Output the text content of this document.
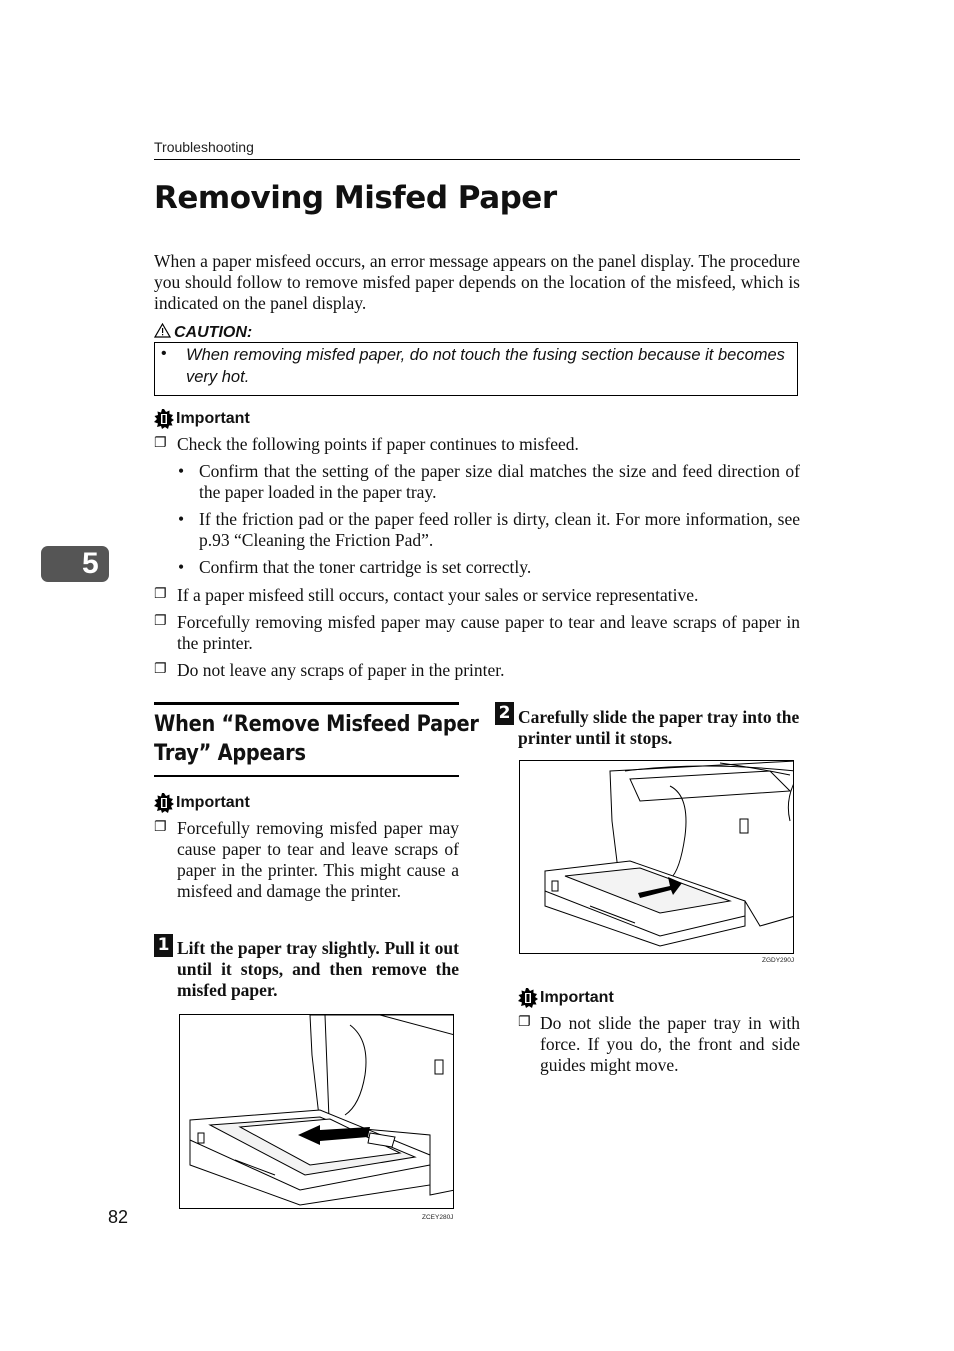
Troubleshooting
Removing Misfed Paper
When a paper misfeed occurs, an error message appears on the panel display. The procedure you should follow to remove misfed paper depends on the location of the misfeed, which is indicated on the panel display.
CAUTION:
• When removing misfed paper, do not touch the fusing section because it becomes very hot.
Important
❐ Check the following points if paper continues to misfeed.
• Confirm that the setting of the paper size dial matches the size and feed direction of the paper loaded in the paper tray.
• If the friction pad or the paper feed roller is dirty, clean it. For more information, see p.93 “Cleaning the Friction Pad”.
• Confirm that the toner cartridge is set correctly.
❐ If a paper misfeed still occurs, contact your sales or service representative.
❐ Forcefully removing misfed paper may cause paper to tear and leave scraps of paper in the printer.
❐ Do not leave any scraps of paper in the printer.
5
When “Remove Misfeed Paper
Tray” Appears
Important
❐ Forcefully removing misfed paper may cause paper to tear and leave scraps of paper in the printer. This might cause a misfeed and damage the printer.
1 Lift the paper tray slightly. Pull it out until it stops, and then remove the misfed paper.
ZCEY280J
82
2 Carefully slide the paper tray into the printer until it stops.
ZGDY290J
Important
❐ Do not slide the paper tray in with force. If you do, the front and side guides might move.
